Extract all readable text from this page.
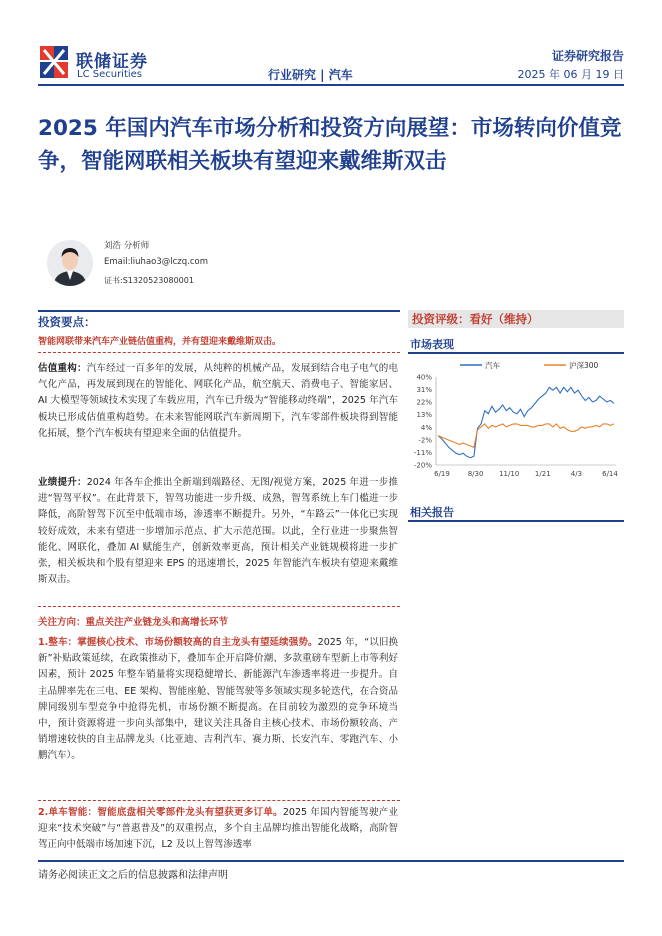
联储证券
LC Securities	行业研究 | 汽车
证券研究报告
2025 年 06 月 19 日
2025 年国内汽车市场分析和投资方向展望：市场转向价值竞争，智能网联相关板块有望迎来戴维斯双击
刘浩 分析师
Email:liuhao3@lczq.com
证书:S1320523080001
投资要点：
智能网联带来汽车产业链估值重构，并有望迎来戴维斯双击。
估值重构：汽车经过一百多年的发展，从纯粹的机械产品，发展到结合电子电气的电气化产品，再发展到现在的智能化、网联化产品，航空航天、消费电子、智能家居、AI 大模型等领域技术实现了车载应用，汽车已升级为“智能移动终端”，2025 年汽车板块已形成估值重构趋势。在未来智能网联汽车新周期下，汽车零部件板块得到智能化拓展，整个汽车板块有望迎来全面的估值提升。
业绩提升：2024 年各车企推出全新端到端路径、无图/视觉方案，2025 年进一步推进“智驾平权”。在此背景下，智驾功能进一步升级、成熟，智驾系统上车门槛进一步降低，高阶智驾下沉至中低端市场，渗透率不断提升。另外，“车路云”一体化已实现较好成效，未来有望进一步增加示范点、扩大示范范围。以此，全行业进一步聚焦智能化、网联化，叠加 AI 赋能生产，创新效率更高，预计相关产业链规模将进一步扩张，相关板块和个股有望迎来 EPS 的迅速增长，2025 年智能汽车板块有望迎来戴维斯双击。
关注方向：重点关注产业链龙头和高增长环节
1.整车：掌握核心技术、市场份额较高的自主龙头有望延续强势。2025 年，“以旧换新”补贴政策延续，在政策推动下，叠加车企开启降价潮、多款重磅车型新上市等利好因素，预计 2025 年整车销量将实现稳健增长、新能源汽车渗透率将进一步提升。自主品牌率先在三电、EE 架构、智能座舱、智能驾驶等多领域实现多轮迭代，在合资品牌同级别车型竞争中抢得先机，市场份额不断提高。在目前较为激烈的竞争环境当中，预计资源将进一步向头部集中，建议关注具备自主核心技术、市场份额较高、产销增速较快的自主品牌龙头（比亚迪、吉利汽车、赛力斯、长安汽车、零跑汽车、小鹏汽车）。
2.单车智能：智能底盘相关零部件龙头有望获更多订单。2025 年国内智能驾驶产业迎来“技术突破”与“普惠普及”的双重拐点，多个自主品牌均推出智能化战略，高阶智驾正向中低端市场加速下沉，L2 及以上智驾渗透率
请务必阅读正文之后的信息披露和法律声明
投资评级：看好（维持）
市场表现
汽车	沪深300
40%
31%
22%
13%
4%
-2%
-11%
-20%
6/19	8/30 11/10 1/21	4/3	6/14
相关报告
